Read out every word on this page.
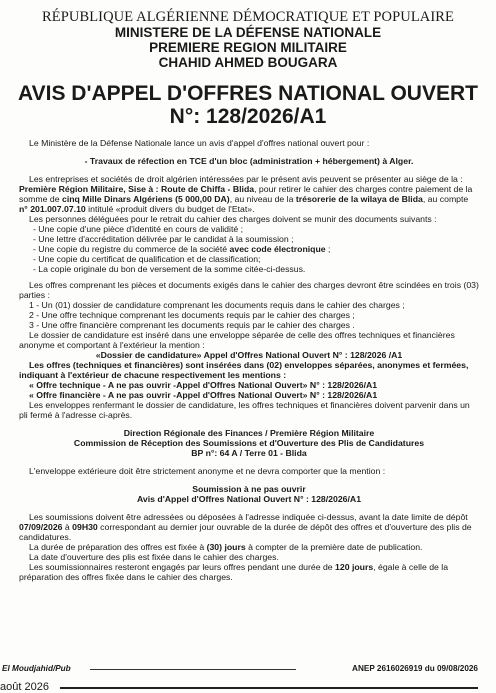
RÉPUBLIQUE ALGÉRIENNE DÉMOCRATIQUE ET POPULAIRE
MINISTERE DE LA DÉFENSE NATIONALE
PREMIERE REGION MILITAIRE
CHAHID AHMED BOUGARA
AVIS D'APPEL D'OFFRES NATIONAL OUVERT
N°: 128/2026/A1

Le Ministère de la Défense Nationale lance un avis d'appel d'offres national ouvert pour :

- Travaux de réfection en TCE d'un bloc (administration + hébergement) à Alger.

Les entreprises et sociétés de droit algérien intéressées par le présent avis peuvent se présenter au siège de la : Première Région Militaire, Sise à : Route de Chiffa - Blida, pour retirer le cahier des charges contre paiement de la somme de cinq Mille Dinars Algériens (5 000,00 DA), au niveau de la trésorerie de la wilaya de Blida, au compte n° 201.007.07.10 intitulé «produit divers du budget de l'Etat».

Les personnes déléguées pour le retrait du cahier des charges doivent se munir des documents suivants :

- Une copie d'une pièce d'identité en cours de validité ;

- Une lettre d'accréditation délivrée par le candidat à la soumission ;

- Une copie du registre du commerce de la société avec code électronique ;

- Une copie du certificat de qualification et de classification;

- La copie originale du bon de versement de la somme citée-ci-dessus.

Les offres comprenant les pièces et documents exigés dans le cahier des charges devront être scindées en trois (03) parties :

1 - Un (01) dossier de candidature comprenant les documents requis dans le cahier des charges ;

2 - Une offre technique comprenant les documents requis par le cahier des charges ;

3 - Une offre financière comprenant les documents requis par le cahier des charges .

Le dossier de candidature est inséré dans une enveloppe séparée de celle des offres techniques et financières anonyme et comportant à l'extérieur la mention :

«Dossier de candidature» Appel d'Offres National Ouvert N° : 128/2026 /A1

Les offres (techniques et financières) sont insérées dans (02) enveloppes séparées, anonymes et fermées, indiquant à l'extérieur de chacune respectivement les mentions :

« Offre technique - A ne pas ouvrir -Appel d'Offres National Ouvert» N° : 128/2026/A1

« Offre financière - A ne pas ouvrir -Appel d'Offres National Ouvert» N° : 128/2026/A1

Les enveloppes renfermant le dossier de candidature, les offres techniques et financières doivent parvenir dans un pli fermé à l'adresse ci-après.

Direction Régionale des Finances / Première Région Militaire
Commission de Réception des Soumissions et d'Ouverture des Plis de Candidatures
BP n°: 64 A / Terre 01 - Blida

L'enveloppe extérieure doit être strictement anonyme et ne devra comporter que la mention :

Soumission à ne pas ouvrir
Avis d'Appel d'Offres National Ouvert N° : 128/2026/A1

Les soumissions doivent être adressées ou déposées à l'adresse indiquée ci-dessus, avant la date limite de dépôt 07/09/2026 à 09H30 correspondant au dernier jour ouvrable de la durée de dépôt des offres et d'ouverture des plis de candidatures.

La durée de préparation des offres est fixée à (30) jours à compter de la première date de publication.

La date d'ouverture des plis est fixée dans le cahier des charges.

Les soumissionnaires resteront engagés par leurs offres pendant une durée de 120 jours, égale à celle de la préparation des offres fixée dans le cahier des charges.

El Moudjahid/Pub	ANEP 2616026919 du 09/08/2026
août 2026
